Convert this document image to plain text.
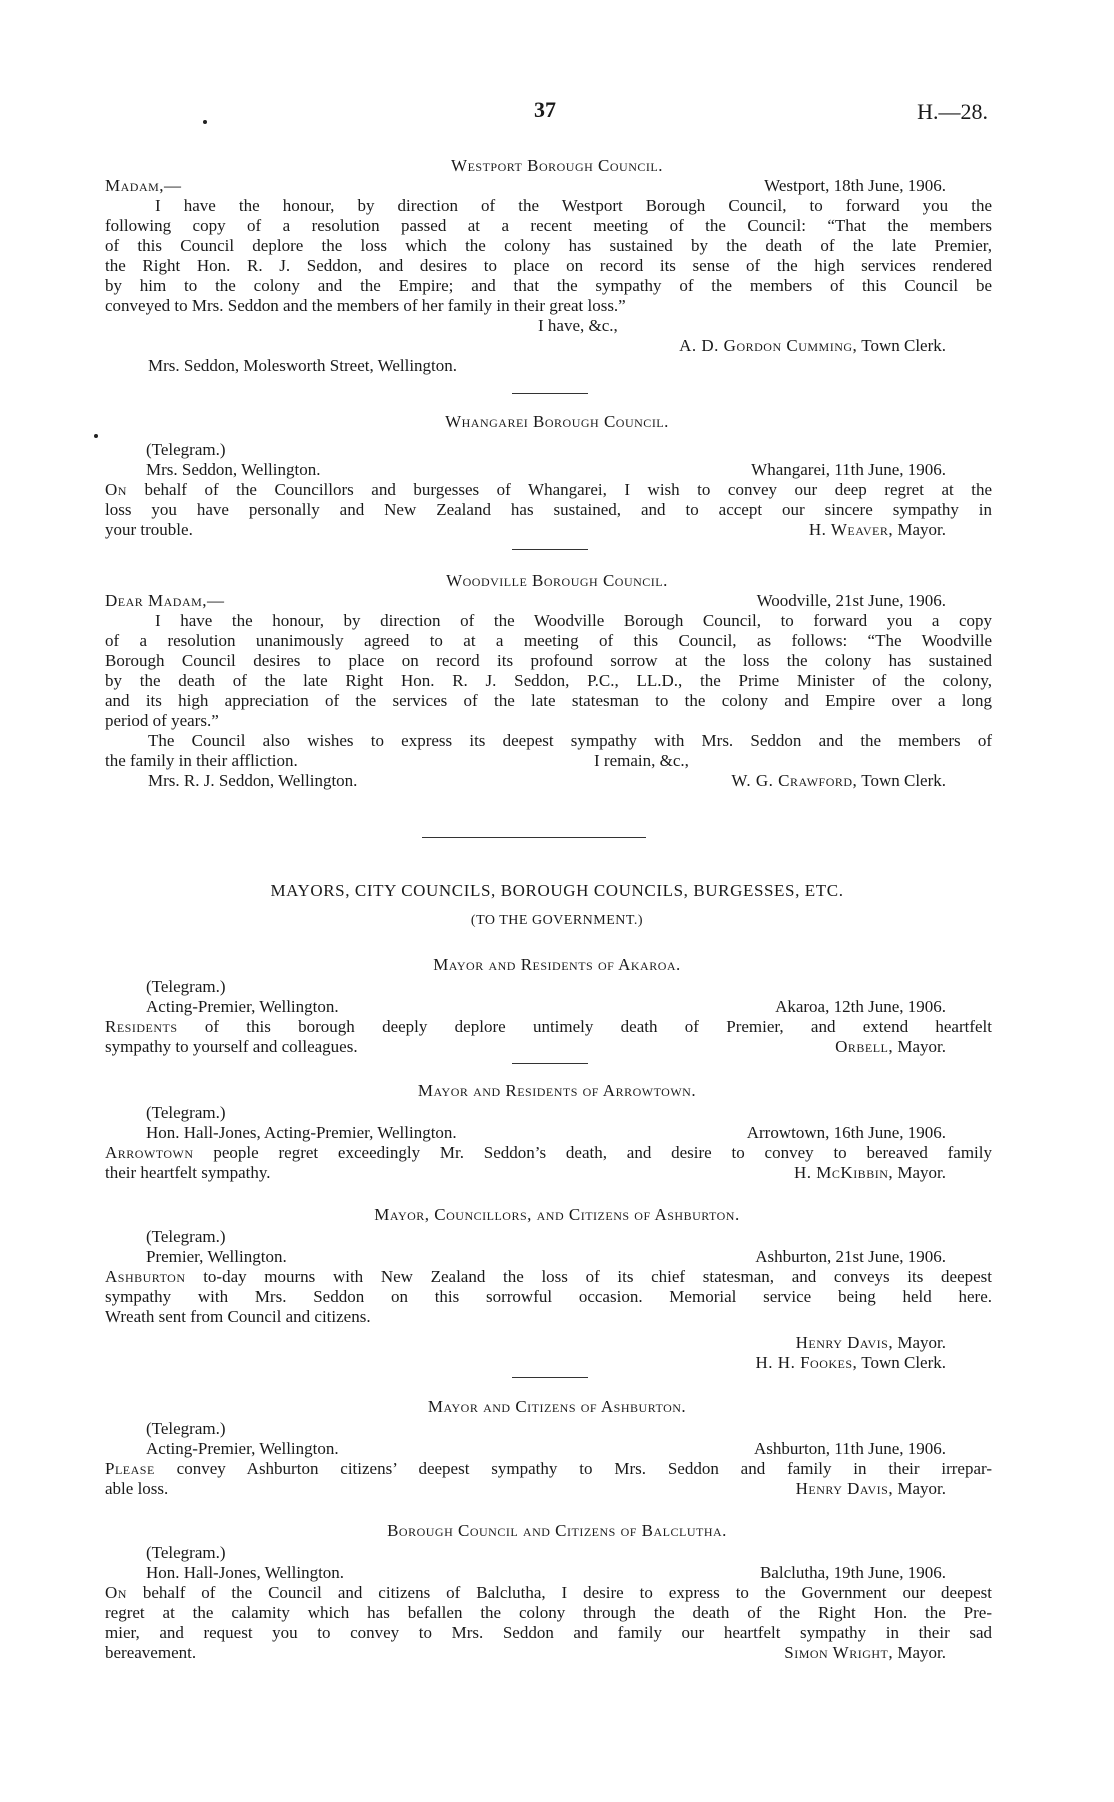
37	H.—28.
Westport Borough Council.
Madam,—	Westport, 18th June, 1906.
I have the honour, by direction of the Westport Borough Council, to forward you the
following copy of a resolution passed at a recent meeting of the Council: “That the members
of this Council deplore the loss which the colony has sustained by the death of the late Premier,
the Right Hon. R. J. Seddon, and desires to place on record its sense of the high services rendered
by him to the colony and the Empire; and that the sympathy of the members of this Council be
conveyed to Mrs. Seddon and the members of her family in their great loss.”
I have, &c.,
A. D. Gordon Cumming, Town Clerk.
Mrs. Seddon, Molesworth Street, Wellington.
Whangarei Borough Council.
(Telegram.)
Mrs. Seddon, Wellington.	Whangarei, 11th June, 1906.
On behalf of the Councillors and burgesses of Whangarei, I wish to convey our deep regret at the
loss you have personally and New Zealand has sustained, and to accept our sincere sympathy in
your trouble.	H. Weaver, Mayor.
Woodville Borough Council.
Dear Madam,—	Woodville, 21st June, 1906.
I have the honour, by direction of the Woodville Borough Council, to forward you a copy
of a resolution unanimously agreed to at a meeting of this Council, as follows: “The Woodville
Borough Council desires to place on record its profound sorrow at the loss the colony has sustained
by the death of the late Right Hon. R. J. Seddon, P.C., LL.D., the Prime Minister of the colony,
and its high appreciation of the services of the late statesman to the colony and Empire over a long
period of years.”
The Council also wishes to express its deepest sympathy with Mrs. Seddon and the members of
the family in their affliction.	I remain, &c.,
Mrs. R. J. Seddon, Wellington.	W. G. Crawford, Town Clerk.
MAYORS, CITY COUNCILS, BOROUGH COUNCILS, BURGESSES, ETC.
(TO THE GOVERNMENT.)
Mayor and Residents of Akaroa.
(Telegram.)
Acting-Premier, Wellington.	Akaroa, 12th June, 1906.
Residents of this borough deeply deplore untimely death of Premier, and extend heartfelt
sympathy to yourself and colleagues.	Orbell, Mayor.
Mayor and Residents of Arrowtown.
(Telegram.)
Hon. Hall-Jones, Acting-Premier, Wellington.	Arrowtown, 16th June, 1906.
Arrowtown people regret exceedingly Mr. Seddon’s death, and desire to convey to bereaved family
their heartfelt sympathy.	H. McKibbin, Mayor.
Mayor, Councillors, and Citizens of Ashburton.
(Telegram.)
Premier, Wellington.	Ashburton, 21st June, 1906.
Ashburton to-day mourns with New Zealand the loss of its chief statesman, and conveys its deepest
sympathy with Mrs. Seddon on this sorrowful occasion. Memorial service being held here.
Wreath sent from Council and citizens.
Henry Davis, Mayor.
H. H. Fookes, Town Clerk.
Mayor and Citizens of Ashburton.
(Telegram.)
Acting-Premier, Wellington.	Ashburton, 11th June, 1906.
Please convey Ashburton citizens’ deepest sympathy to Mrs. Seddon and family in their irrepar-
able loss.	Henry Davis, Mayor.
Borough Council and Citizens of Balclutha.
(Telegram.)
Hon. Hall-Jones, Wellington.	Balclutha, 19th June, 1906.
On behalf of the Council and citizens of Balclutha, I desire to express to the Government our deepest
regret at the calamity which has befallen the colony through the death of the Right Hon. the Pre-
mier, and request you to convey to Mrs. Seddon and family our heartfelt sympathy in their sad
bereavement.	Simon Wright, Mayor.
